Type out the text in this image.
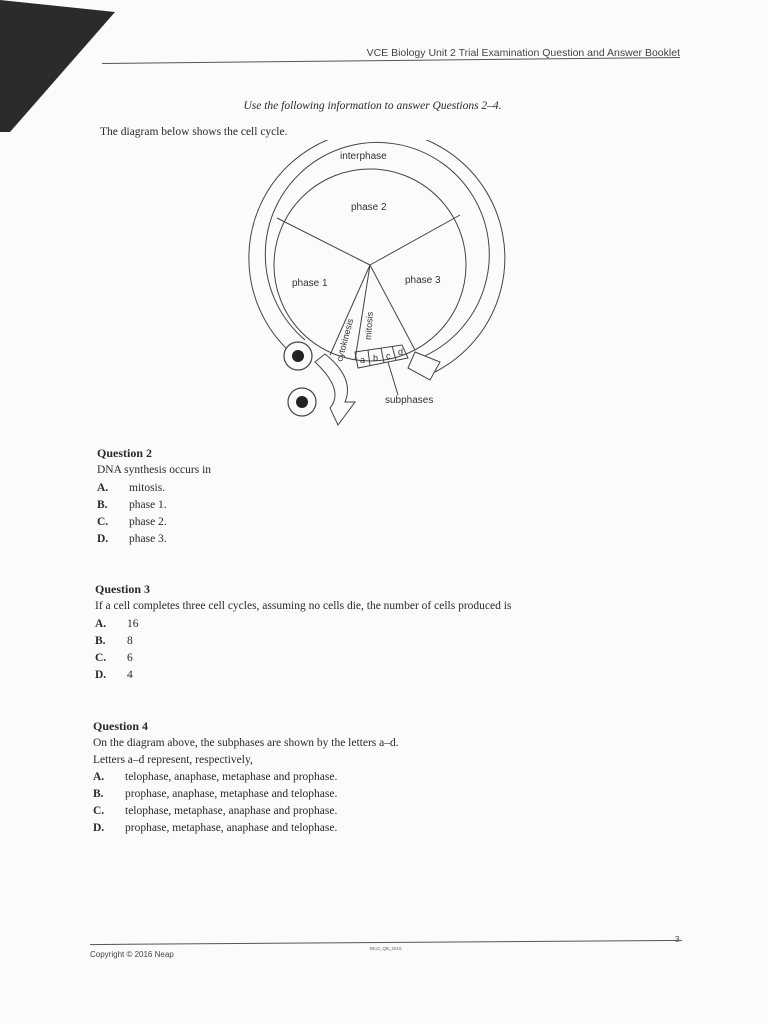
VCE Biology Unit 2 Trial Examination Question and Answer Booklet
Use the following information to answer Questions 2–4.
The diagram below shows the cell cycle.
interphase
phase 2
phase 1	phase 3
cytokinesis mitosis
a b c d
subphases
Question 2
DNA synthesis occurs in
A. mitosis.
B. phase 1.
C. phase 2.
D. phase 3.
Question 3
If a cell completes three cell cycles, assuming no cells die, the number of cells produced is
A. 16
B. 8
C. 6
D. 4
Question 4
On the diagram above, the subphases are shown by the letters a–d.
Letters a–d represent, respectively,
A. telophase, anaphase, metaphase and prophase.
B. prophase, anaphase, metaphase and telophase.
C. telophase, metaphase, anaphase and prophase.
D. prophase, metaphase, anaphase and telophase.
Copyright © 2016 Neap
BIU2_QB_2016
3
